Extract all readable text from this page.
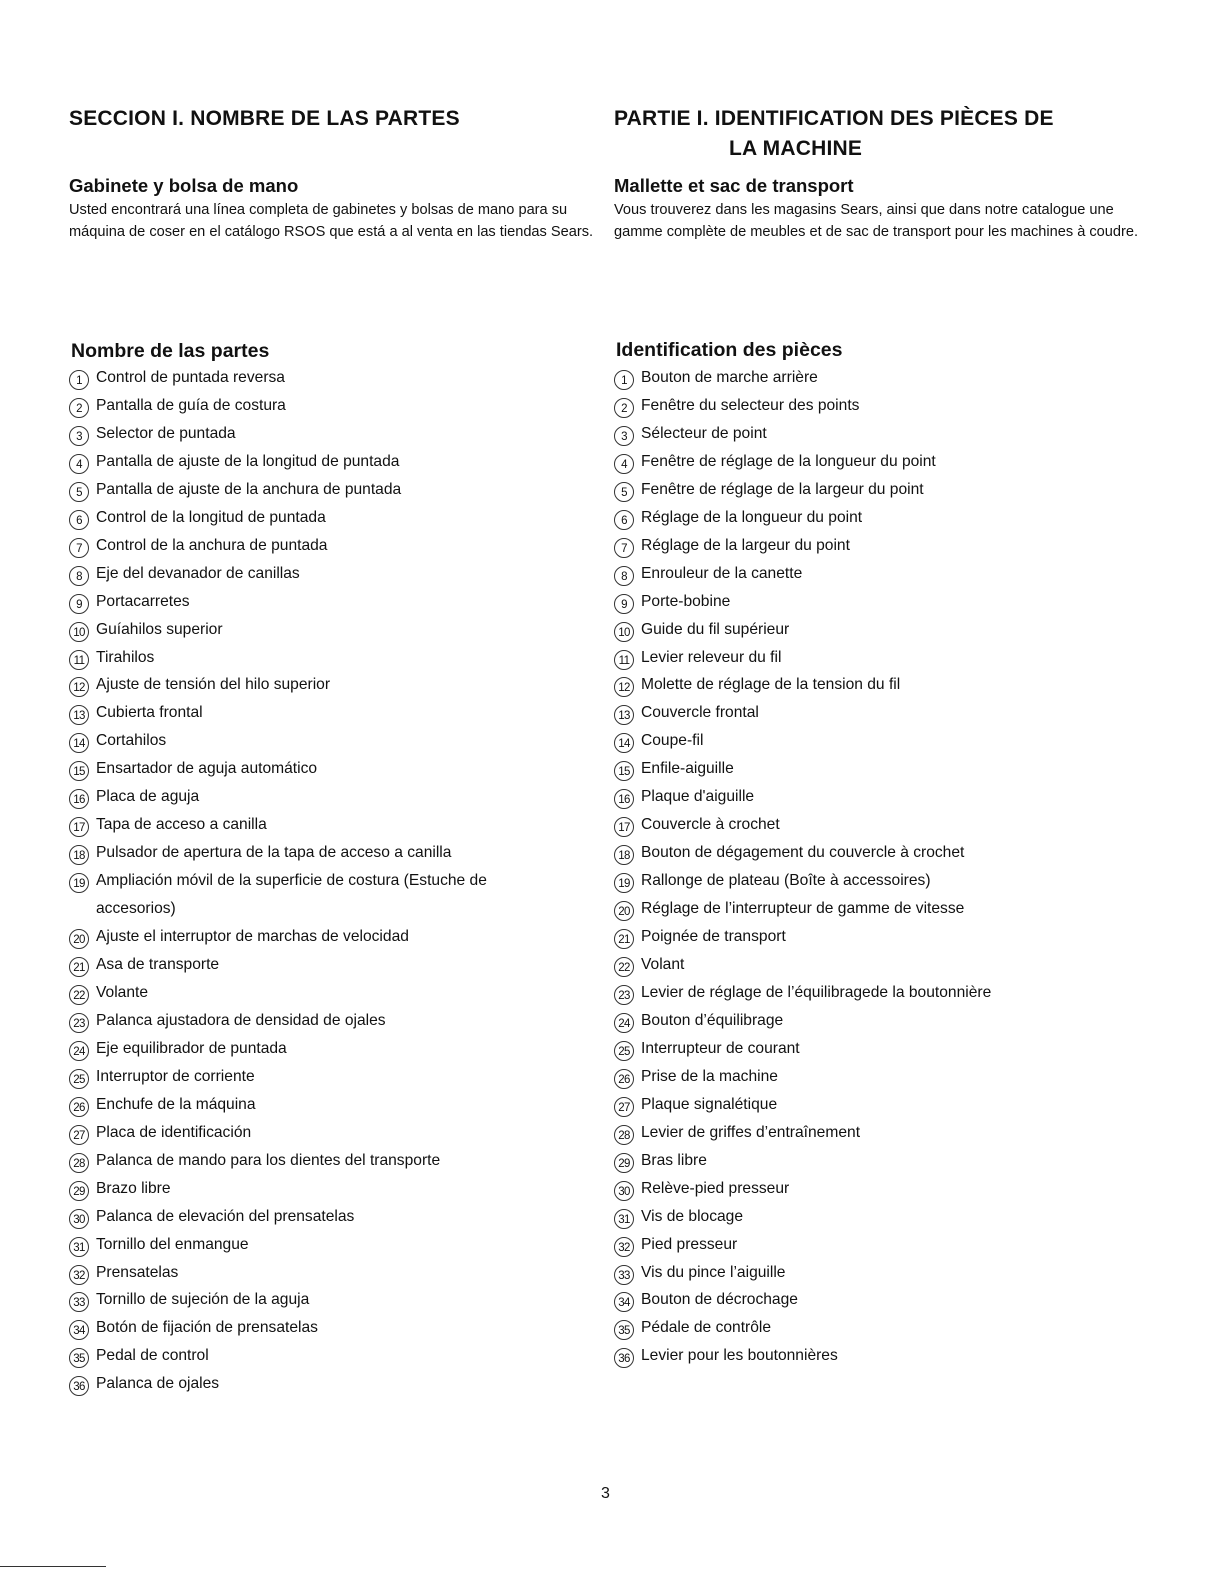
SECCION I. NOMBRE DE LAS PARTES
Gabinete y bolsa de mano

Usted encontrará una línea completa de gabinetes y bolsas de mano para su máquina de coser en el catálogo RSOS que está a al venta en las tiendas Sears.

Nombre de las partes
1 Control de puntada reversa
2 Pantalla de guía de costura
3 Selector de puntada
4 Pantalla de ajuste de la longitud de puntada
5 Pantalla de ajuste de la anchura de puntada
6 Control de la longitud de puntada
7 Control de la anchura de puntada
8 Eje del devanador de canillas
9 Portacarretes
10 Guíahilos superior
11 Tirahilos
12 Ajuste de tensión del hilo superior
13 Cubierta frontal
14 Cortahilos
15 Ensartador de aguja automático
16 Placa de aguja
17 Tapa de acceso a canilla
18 Pulsador de apertura de la tapa de acceso a canilla
19 Ampliación móvil de la superficie de costura (Estuche de accesorios)
20 Ajuste el interruptor de marchas de velocidad
21 Asa de transporte
22 Volante
23 Palanca ajustadora de densidad de ojales
24 Eje equilibrador de puntada
25 Interruptor de corriente
26 Enchufe de la máquina
27 Placa de identificación
28 Palanca de mando para los dientes del transporte
29 Brazo libre
30 Palanca de elevación del prensatelas
31 Tornillo del enmangue
32 Prensatelas
33 Tornillo de sujeción de la aguja
34 Botón de fijación de prensatelas
35 Pedal de control
36 Palanca de ojales
PARTIE I. IDENTIFICATION DES PIÈCES DE
LA MACHINE
Mallette et sac de transport

Vous trouverez dans les magasins Sears, ainsi que dans notre catalogue une gamme complète de meubles et de sac de transport pour les machines à coudre.

Identification des pièces
1 Bouton de marche arrière
2 Fenêtre du selecteur des points
3 Sélecteur de point
4 Fenêtre de réglage de la longueur du point
5 Fenêtre de réglage de la largeur du point
6 Réglage de la longueur du point
7 Réglage de la largeur du point
8 Enrouleur de la canette
9 Porte-bobine
10 Guide du fil supérieur
11 Levier releveur du fil
12 Molette de réglage de la tension du fil
13 Couvercle frontal
14 Coupe-fil
15 Enfile-aiguille
16 Plaque d'aiguille
17 Couvercle à crochet
18 Bouton de dégagement du couvercle à crochet
19 Rallonge de plateau (Boîte à accessoires)
20 Réglage de l’interrupteur de gamme de vitesse
21 Poignée de transport
22 Volant
23 Levier de réglage de l’équilibragede la boutonnière
24 Bouton d’équilibrage
25 Interrupteur de courant
26 Prise de la machine
27 Plaque signalétique
28 Levier de griffes d’entraînement
29 Bras libre
30 Relève-pied presseur
31 Vis de blocage
32 Pied presseur
33 Vis du pince l’aiguille
34 Bouton de décrochage
35 Pédale de contrôle
36 Levier pour les boutonnières
3
